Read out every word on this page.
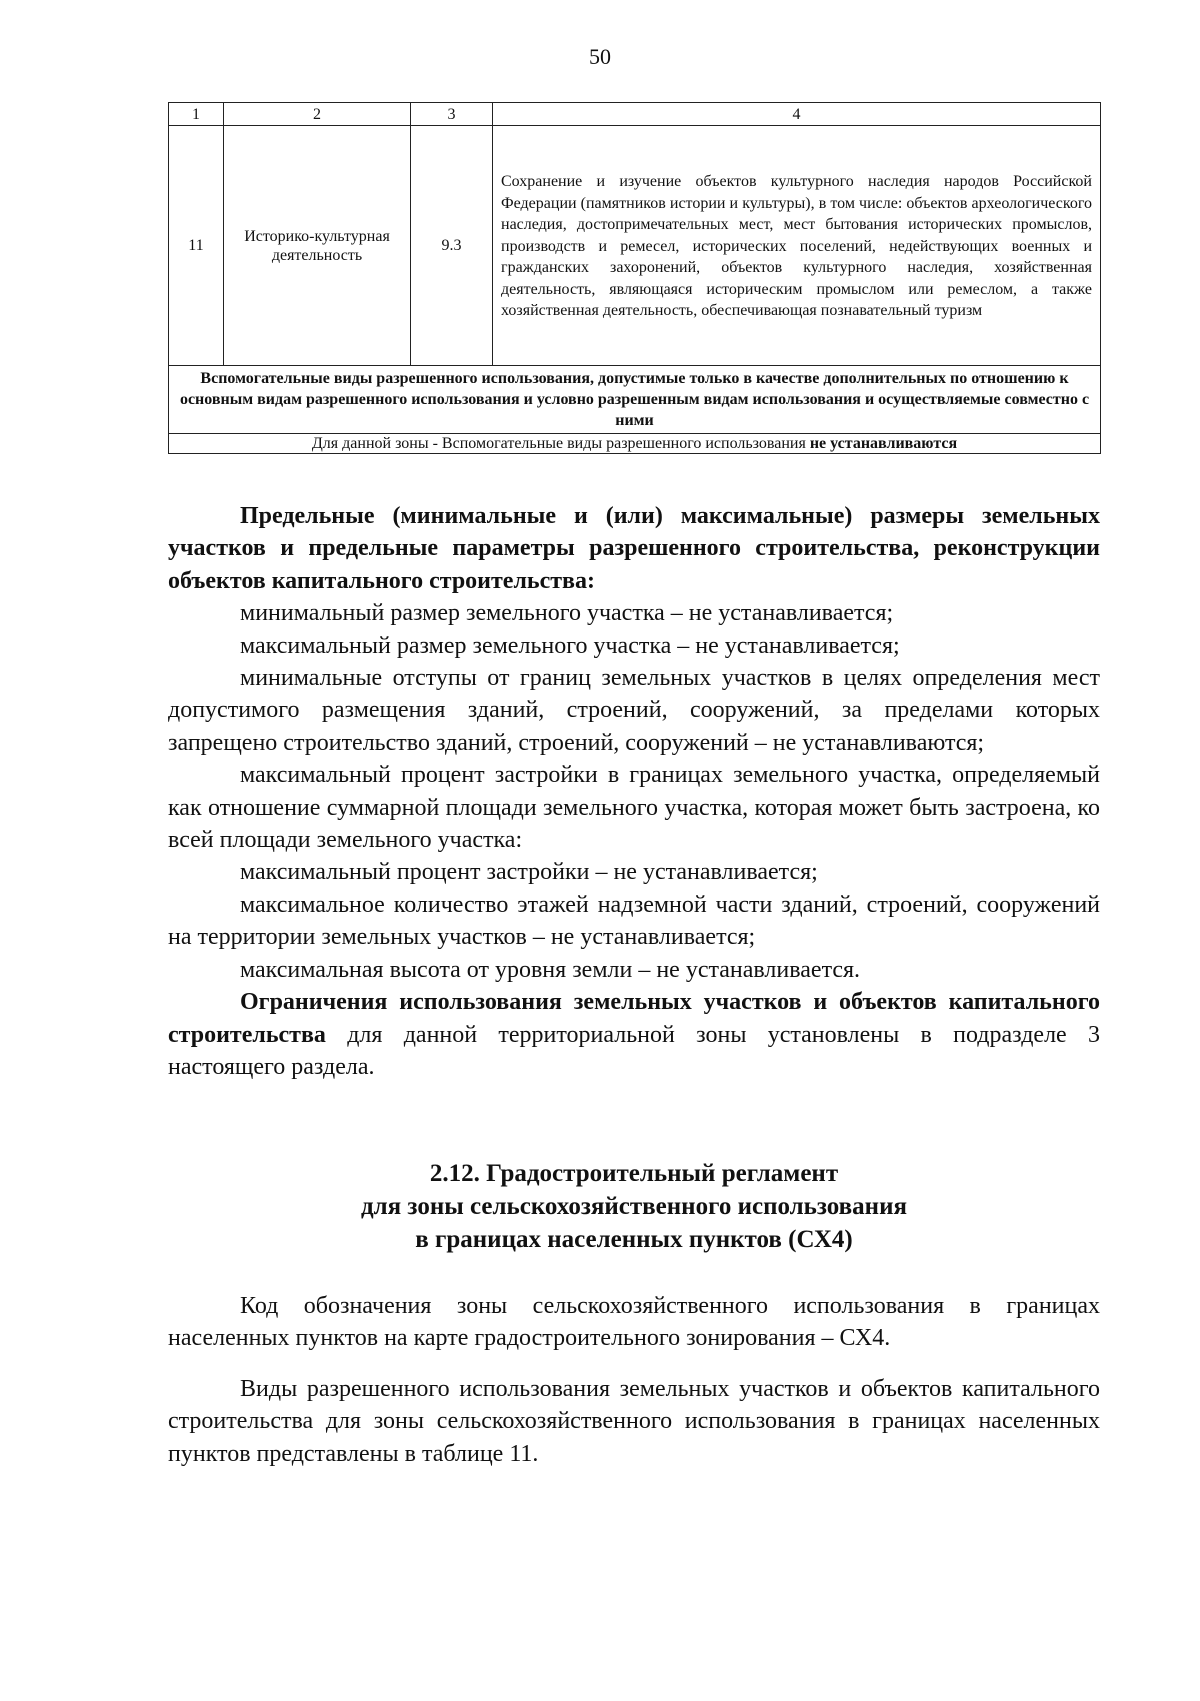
50
1	2	3	4
11	Историко-культурная деятельность	9.3	Сохранение и изучение объектов культурного наследия народов Российской Федерации (памятников истории и культуры), в том числе: объектов археологического наследия, достопримечательных мест, мест бытования исторических промыслов, производств и ремесел, исторических поселений, недействующих военных и гражданских захоронений, объектов культурного наследия, хозяйственная деятельность, являющаяся историческим промыслом или ремеслом, а также хозяйственная деятельность, обеспечивающая познавательный туризм
Вспомогательные виды разрешенного использования, допустимые только в качестве дополнительных по отношению к основным видам разрешенного использования и условно разрешенным видам использования и осуществляемые совместно с ними			
Для данной зоны - Вспомогательные виды разрешенного использования не устанавливаются			

Предельные (минимальные и (или) максимальные) размеры земельных участков и предельные параметры разрешенного строительства, реконструкции объектов капитального строительства:

минимальный размер земельного участка – не устанавливается;

максимальный размер земельного участка – не устанавливается;

минимальные отступы от границ земельных участков в целях определения мест допустимого размещения зданий, строений, сооружений, за пределами которых запрещено строительство зданий, строений, сооружений – не устанавливаются;

максимальный процент застройки в границах земельного участка, определяемый как отношение суммарной площади земельного участка, которая может быть застроена, ко всей площади земельного участка:

максимальный процент застройки – не устанавливается;

максимальное количество этажей надземной части зданий, строений, сооружений на территории земельных участков – не устанавливается;

максимальная высота от уровня земли – не устанавливается.

Ограничения использования земельных участков и объектов капитального строительства для данной территориальной зоны установлены в подразделе 3 настоящего раздела.

2.12. Градостроительный регламент
для зоны сельскохозяйственного использования
в границах населенных пунктов (СХ4)

Код обозначения зоны сельскохозяйственного использования в границах населенных пунктов на карте градостроительного зонирования – СХ4.

Виды разрешенного использования земельных участков и объектов капитального строительства для зоны сельскохозяйственного использования в границах населенных пунктов представлены в таблице 11.
